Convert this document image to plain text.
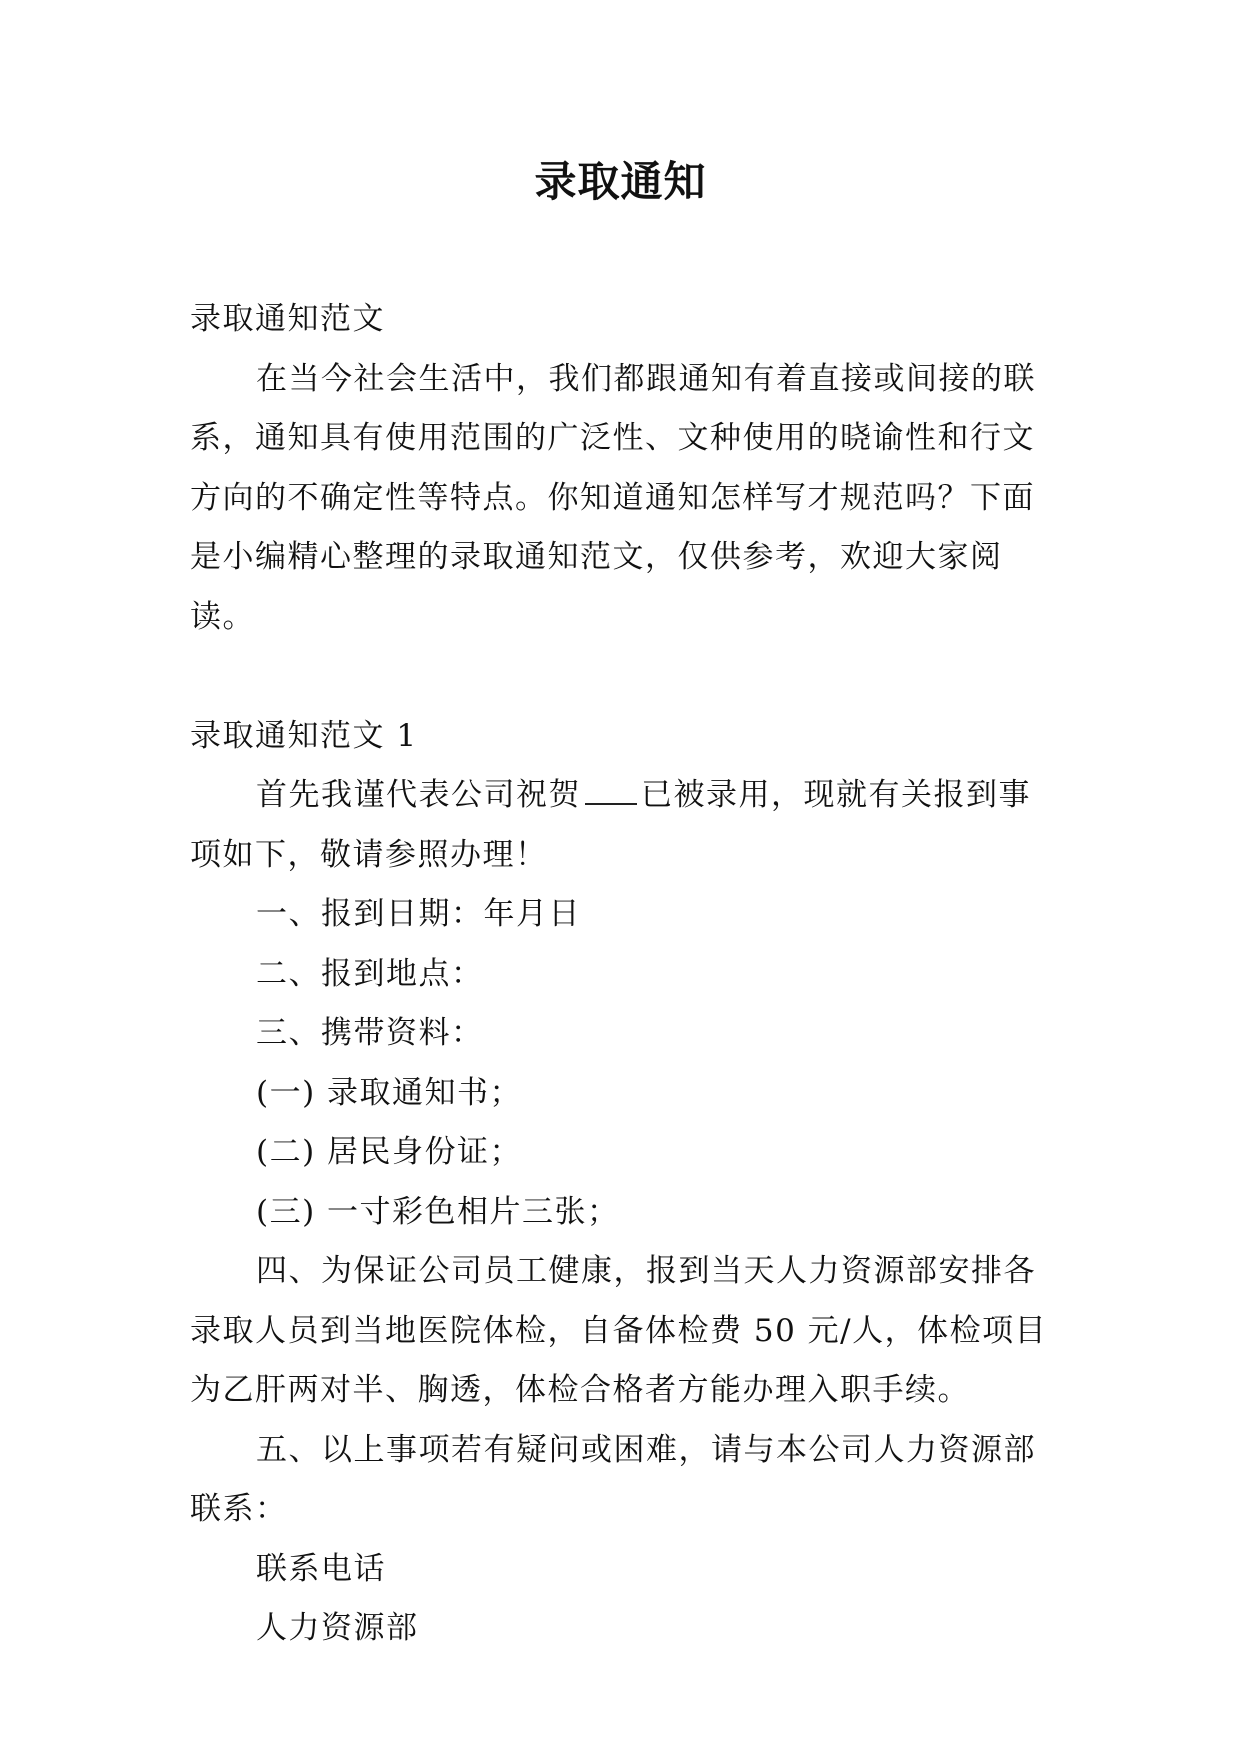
录取通知

录取通知范文

在当今社会生活中，我们都跟通知有着直接或间接的联系，通知具有使用范围的广泛性、文种使用的晓谕性和行文方向的不确定性等特点。你知道通知怎样写才规范吗？下面是小编精心整理的录取通知范文，仅供参考，欢迎大家阅读。

录取通知范文 1

首先我谨代表公司祝贺 已被录用，现就有关报到事项如下，敬请参照办理！

一、报到日期：年月日

二、报到地点：

三、携带资料：

(一) 录取通知书；

(二) 居民身份证；

(三) 一寸彩色相片三张；

四、为保证公司员工健康，报到当天人力资源部安排各录取人员到当地医院体检，自备体检费 50 元/人，体检项目为乙肝两对半、胸透，体检合格者方能办理入职手续。

五、以上事项若有疑问或困难，请与本公司人力资源部联系：

联系电话

人力资源部
